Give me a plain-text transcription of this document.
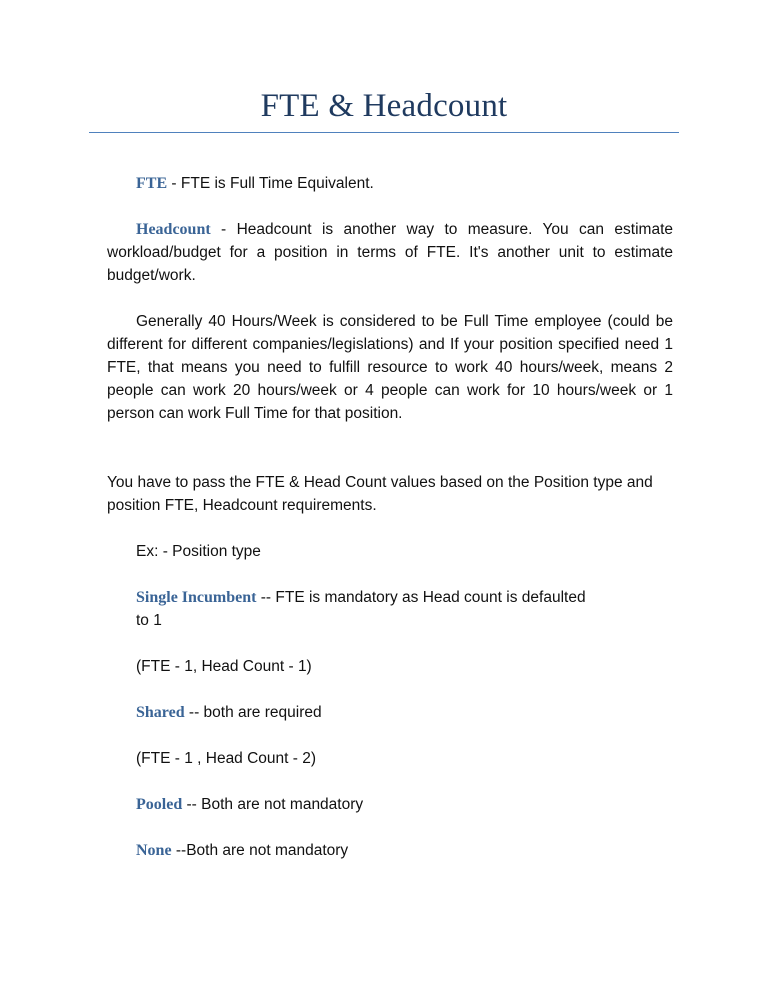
FTE & Headcount

FTE - FTE is Full Time Equivalent.

Headcount - Headcount is another way to measure. You can estimate workload/budget for a position in terms of FTE. It's another unit to estimate budget/work.

Generally 40 Hours/Week is considered to be Full Time employee (could be different for different companies/legislations) and If your position specified need 1 FTE, that means you need to fulfill resource to work 40 hours/week, means 2 people can work 20 hours/week or 4 people can work for 10 hours/week or 1 person can work Full Time for that position.

You have to pass the FTE & Head Count values based on the Position type and position FTE, Headcount requirements.

Ex: - Position type

Single Incumbent -- FTE is mandatory as Head count is defaulted

to 1

(FTE - 1, Head Count - 1)

Shared -- both are required

(FTE - 1 , Head Count - 2)

Pooled -- Both are not mandatory

None --Both are not mandatory
